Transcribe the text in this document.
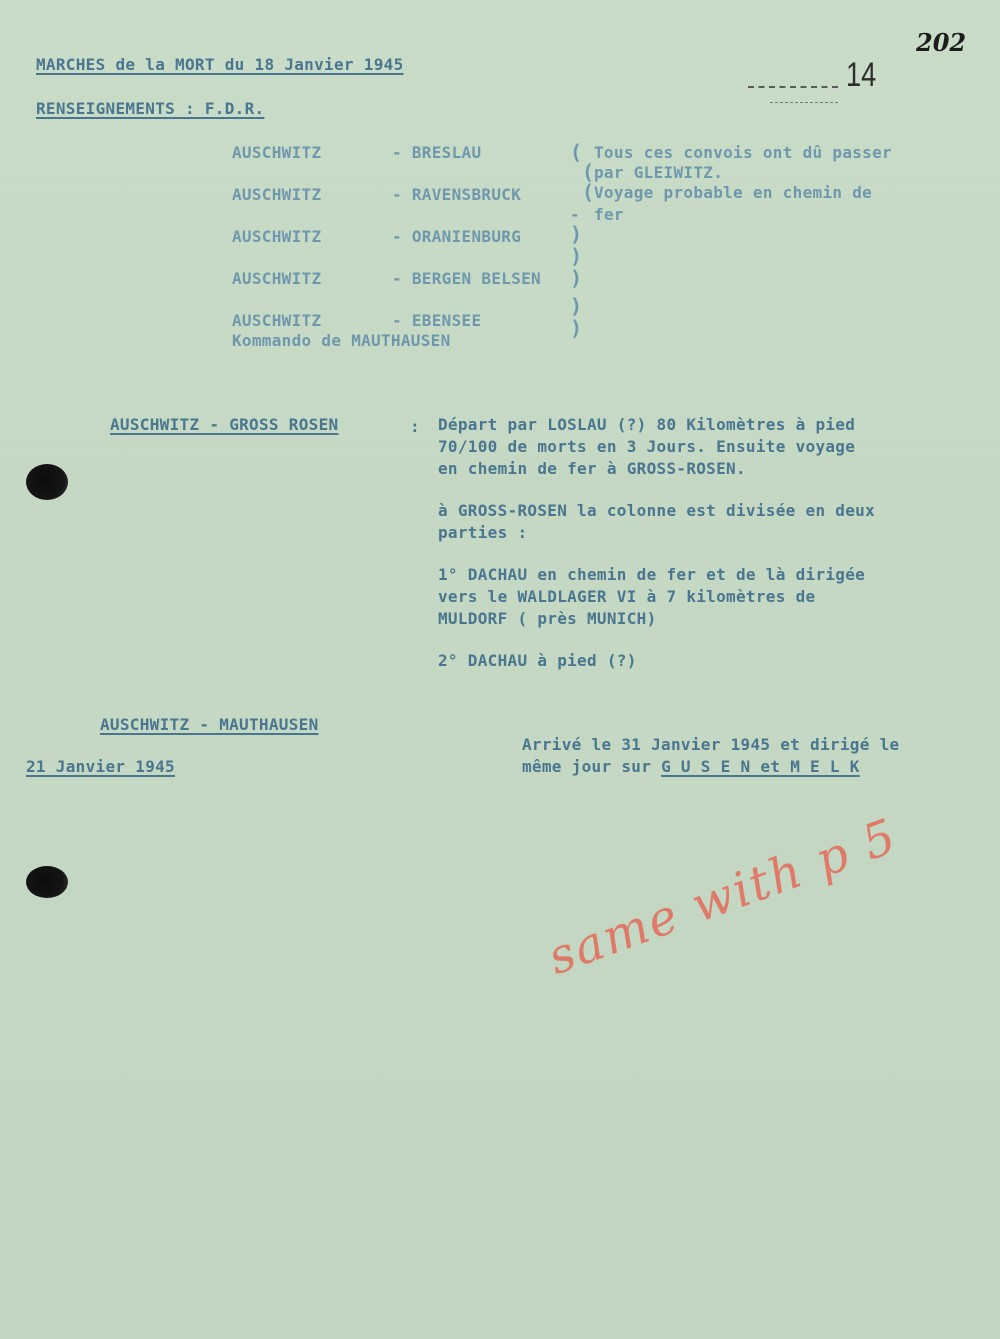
202
14
MARCHES de la MORT du 18 Janvier 1945
RENSEIGNEMENTS : F.D.R.
AUSCHWITZ	- BRESLAU
AUSCHWITZ	- RAVENSBRUCK
AUSCHWITZ	- ORANIENBURG
AUSCHWITZ	- BERGEN BELSEN
AUSCHWITZ	- EBENSEE
Kommando de MAUTHAUSEN
(
(
(
-
)
)
)
)
)
Tous ces convois ont dû passer
par GLEIWITZ.
Voyage probable en chemin de
fer
AUSCHWITZ - GROSS ROSEN	: Départ par LOSLAU (?) 80 Kilomètres à pied
70/100 de morts en 3 Jours. Ensuite voyage
en chemin de fer à GROSS-ROSEN.
à GROSS-ROSEN la colonne est divisée en deux
parties :
1° DACHAU en chemin de fer et de là dirigée
vers le WALDLAGER VI à 7 kilomètres de
MULDORF ( près MUNICH)
2° DACHAU à pied (?)
AUSCHWITZ - MAUTHAUSEN
21 Janvier 1945
Arrivé le 31 Janvier 1945 et dirigé le
même jour sur G U S E N et M E L K
same with p 5
